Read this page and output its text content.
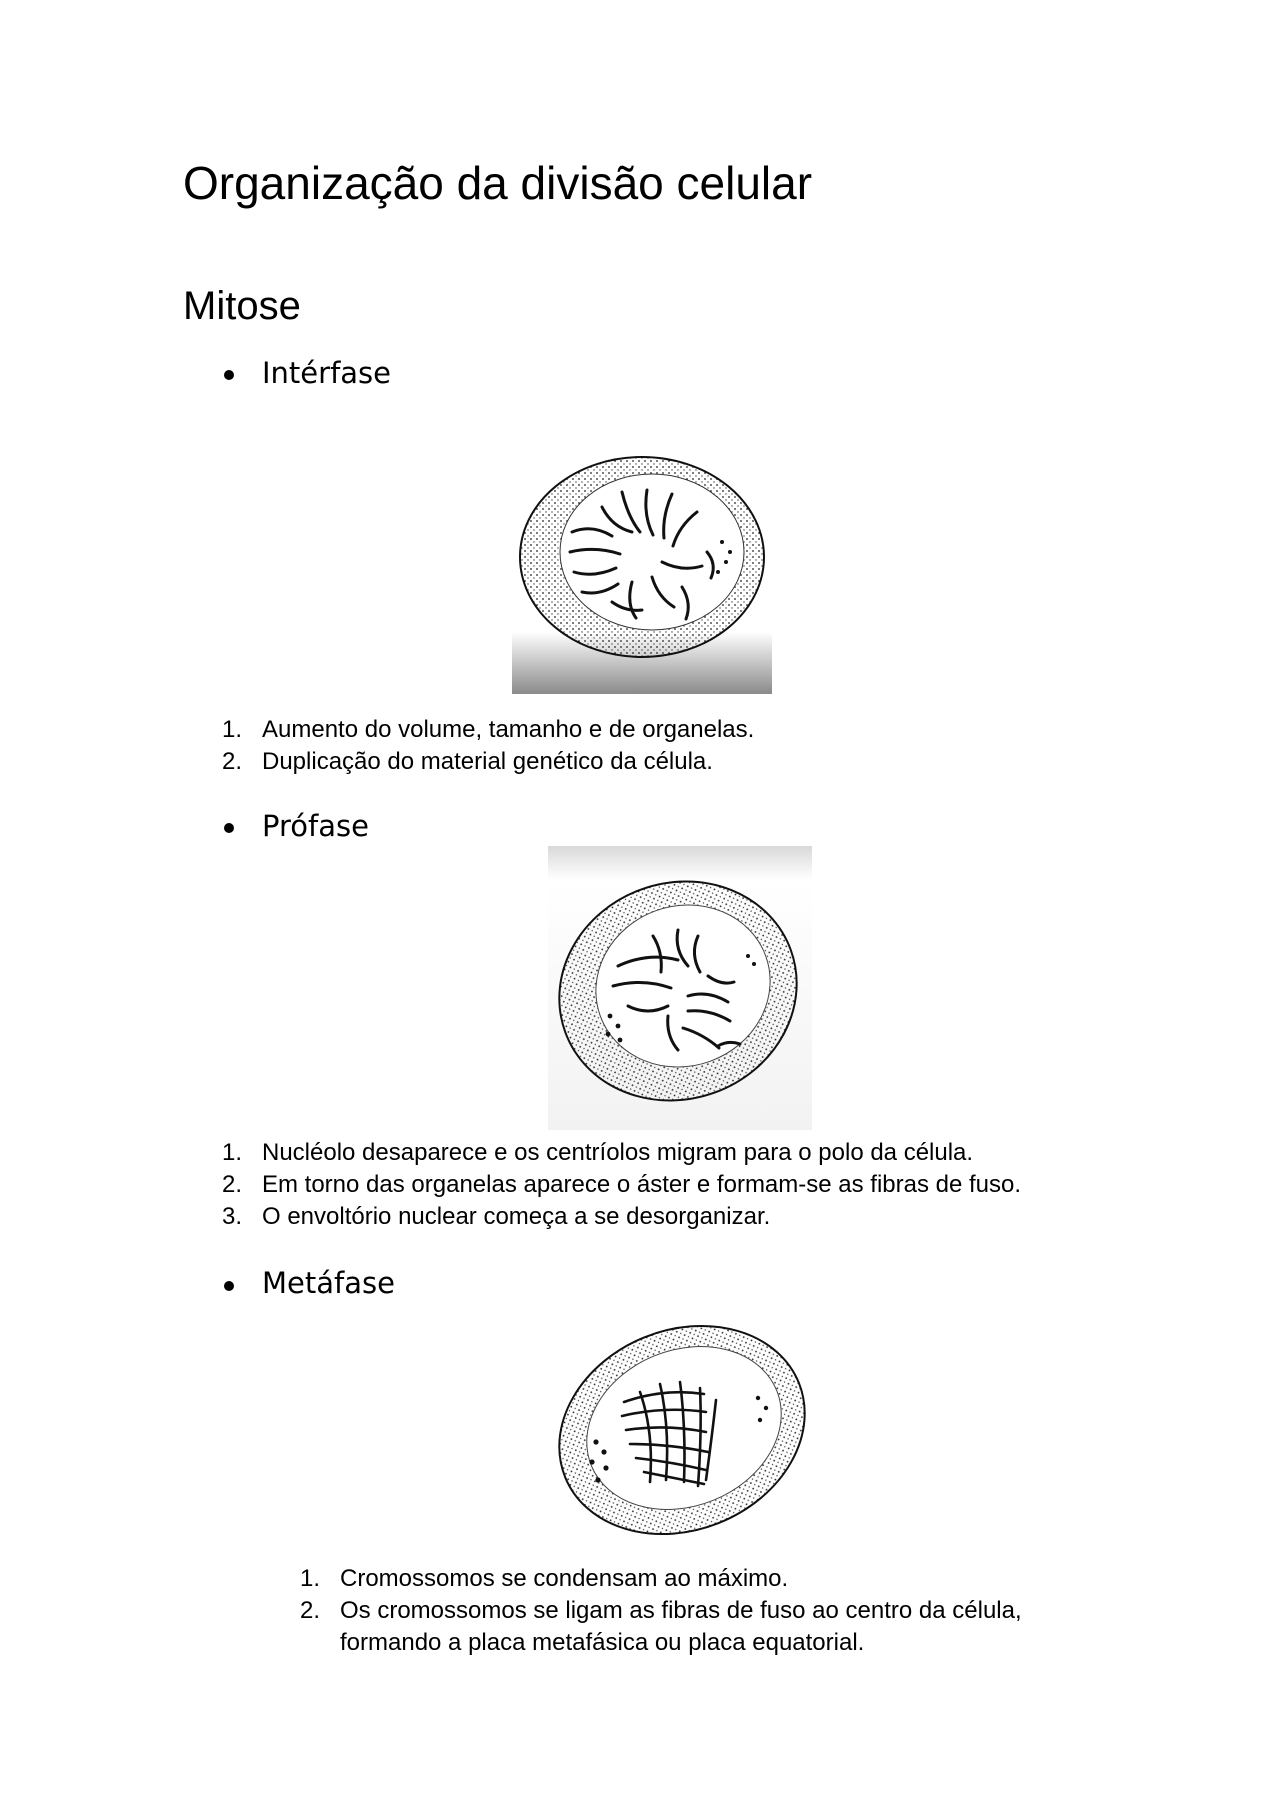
Organização da divisão celular
Mitose
Intérfase
1. Aumento do volume, tamanho e de organelas.
2. Duplicação do material genético da célula.
Prófase
1. Nucléolo desaparece e os centríolos migram para o polo da célula.
2. Em torno das organelas aparece o áster e formam-se as fibras de fuso.
3. O envoltório nuclear começa a se desorganizar.
Metáfase
1. Cromossomos se condensam ao máximo.
2. Os cromossomos se ligam as fibras de fuso ao centro da célula, formando a placa metafásica ou placa equatorial.
